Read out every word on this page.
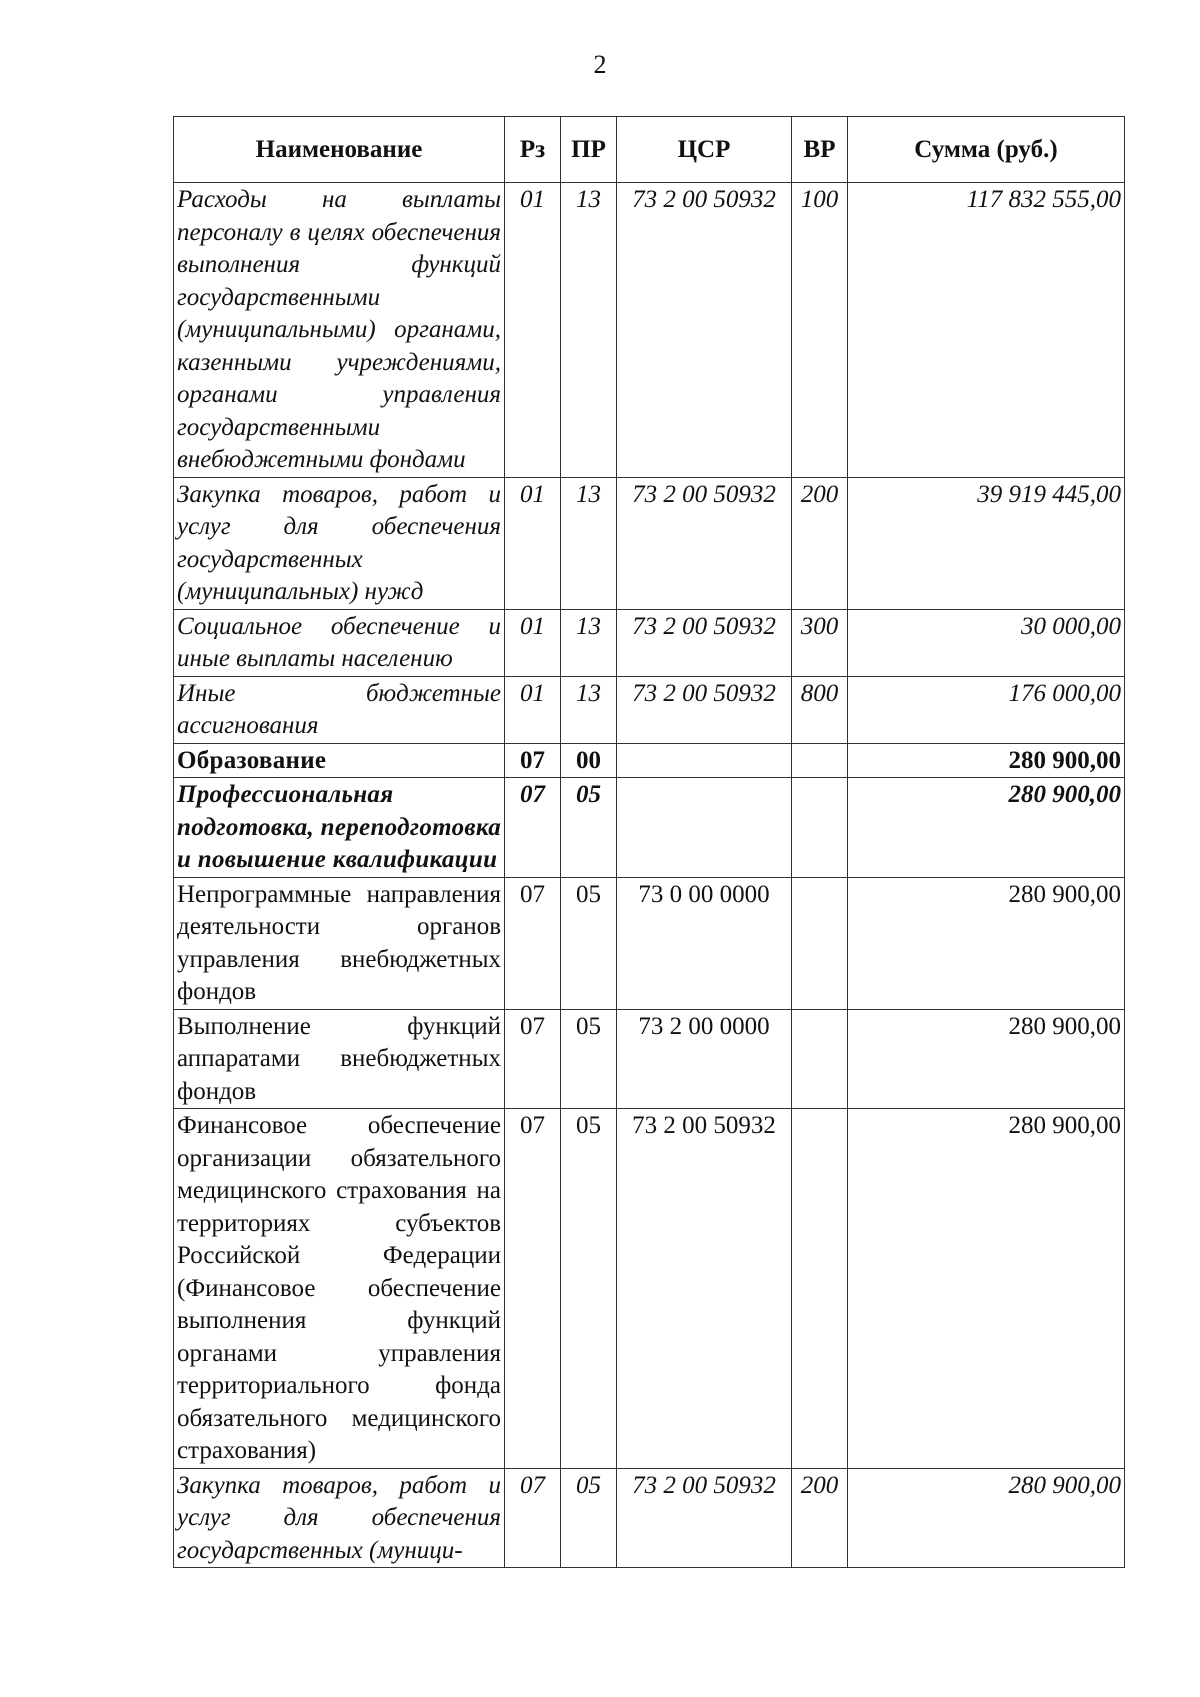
2
Наименование	Рз	ПР	ЦСР	ВР	Сумма (руб.)
Расходы на выплаты персоналу в целях обеспечения выполнения функций государственными (муниципальными) органами, казенными учреждениями, органами управления государственными внебюджетными фондами	01	13	73 2 00 50932	100	117 832 555,00
Закупка товаров, работ и услуг для обеспечения государственных (муниципальных) нужд	01	13	73 2 00 50932	200	39 919 445,00
Социальное обеспечение и иные выплаты населению	01	13	73 2 00 50932	300	30 000,00
Иные бюджетные ассигнования	01	13	73 2 00 50932	800	176 000,00
Образование	07	00			280 900,00
Профессиональная подготовка, переподготовка и повышение квалификации	07	05			280 900,00
Непрограммные направления деятельности органов управления внебюджетных фондов	07	05	73 0 00 0000		280 900,00
Выполнение функций аппаратами внебюджетных фондов	07	05	73 2 00 0000		280 900,00
Финансовое обеспечение организации обязательного медицинского страхования на территориях субъектов Российской Федерации (Финансовое обеспечение выполнения функций органами управления территориального фонда обязательного медицинского страхования)	07	05	73 2 00 50932		280 900,00
Закупка товаров, работ и услуг для обеспечения государственных (муници-	07	05	73 2 00 50932	200	280 900,00
